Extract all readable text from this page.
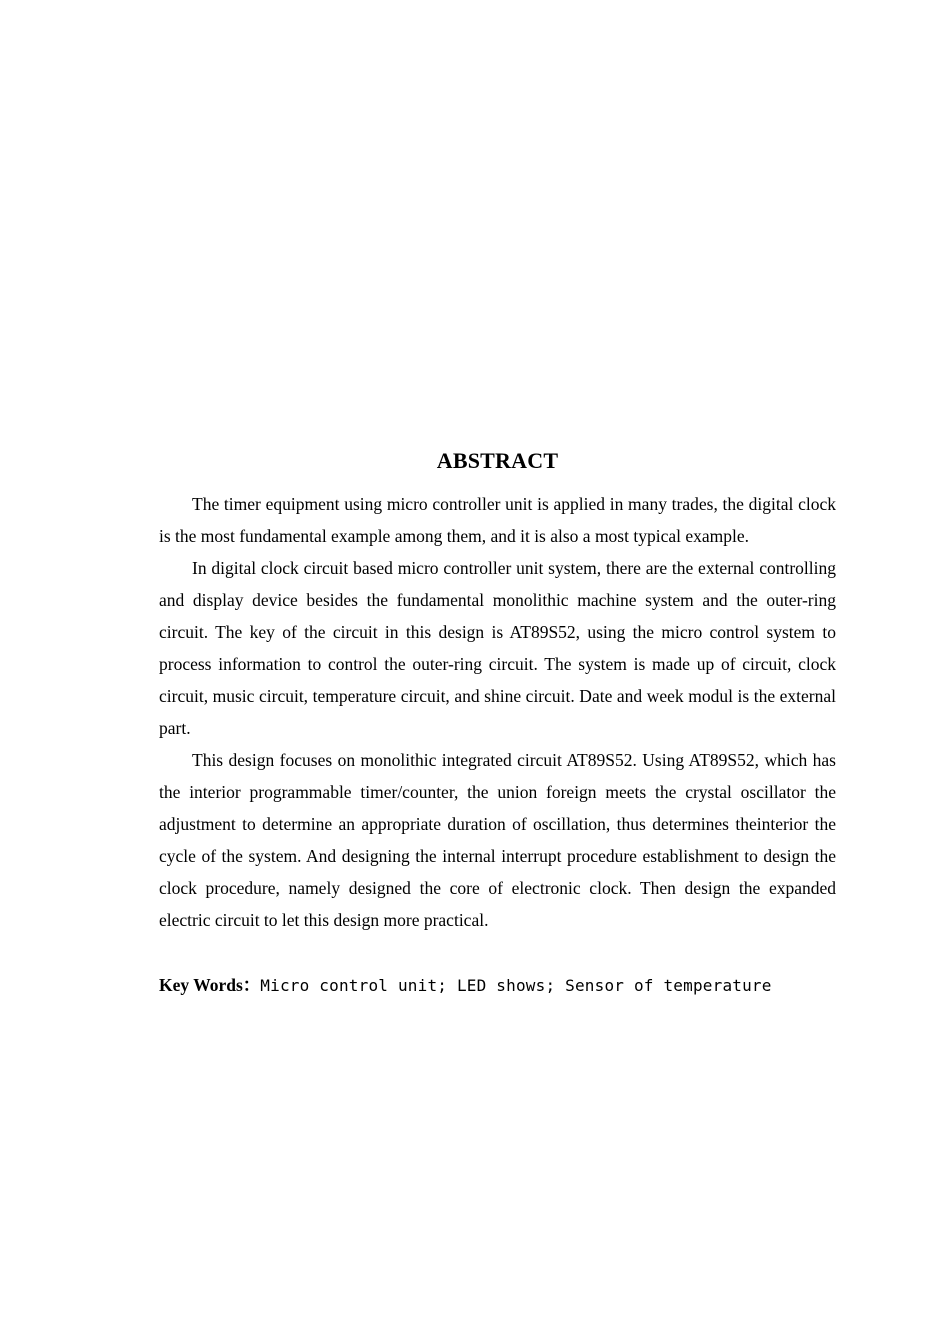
ABSTRACT

The timer equipment using micro controller unit is applied in many trades, the digital clock is the most fundamental example among them, and it is also a most typical example.

In digital clock circuit based micro controller unit system, there are the external controlling and display device besides the fundamental monolithic machine system and the outer-ring circuit. The key of the circuit in this design is AT89S52, using the micro control system to process information to control the outer-ring circuit. The system is made up of circuit, clock circuit, music circuit, temperature circuit, and shine circuit. Date and week modul is the external part.

This design focuses on monolithic integrated circuit AT89S52. Using AT89S52, which has the interior programmable timer/counter, the union foreign meets the crystal oscillator the adjustment to determine an appropriate duration of oscillation, thus determines theinterior the cycle of the system. And designing the internal interrupt procedure establishment to design the clock procedure, namely designed the core of electronic clock. Then design the expanded electric circuit to let this design more practical.

Key Words：Micro control unit; LED shows; Sensor of temperature
